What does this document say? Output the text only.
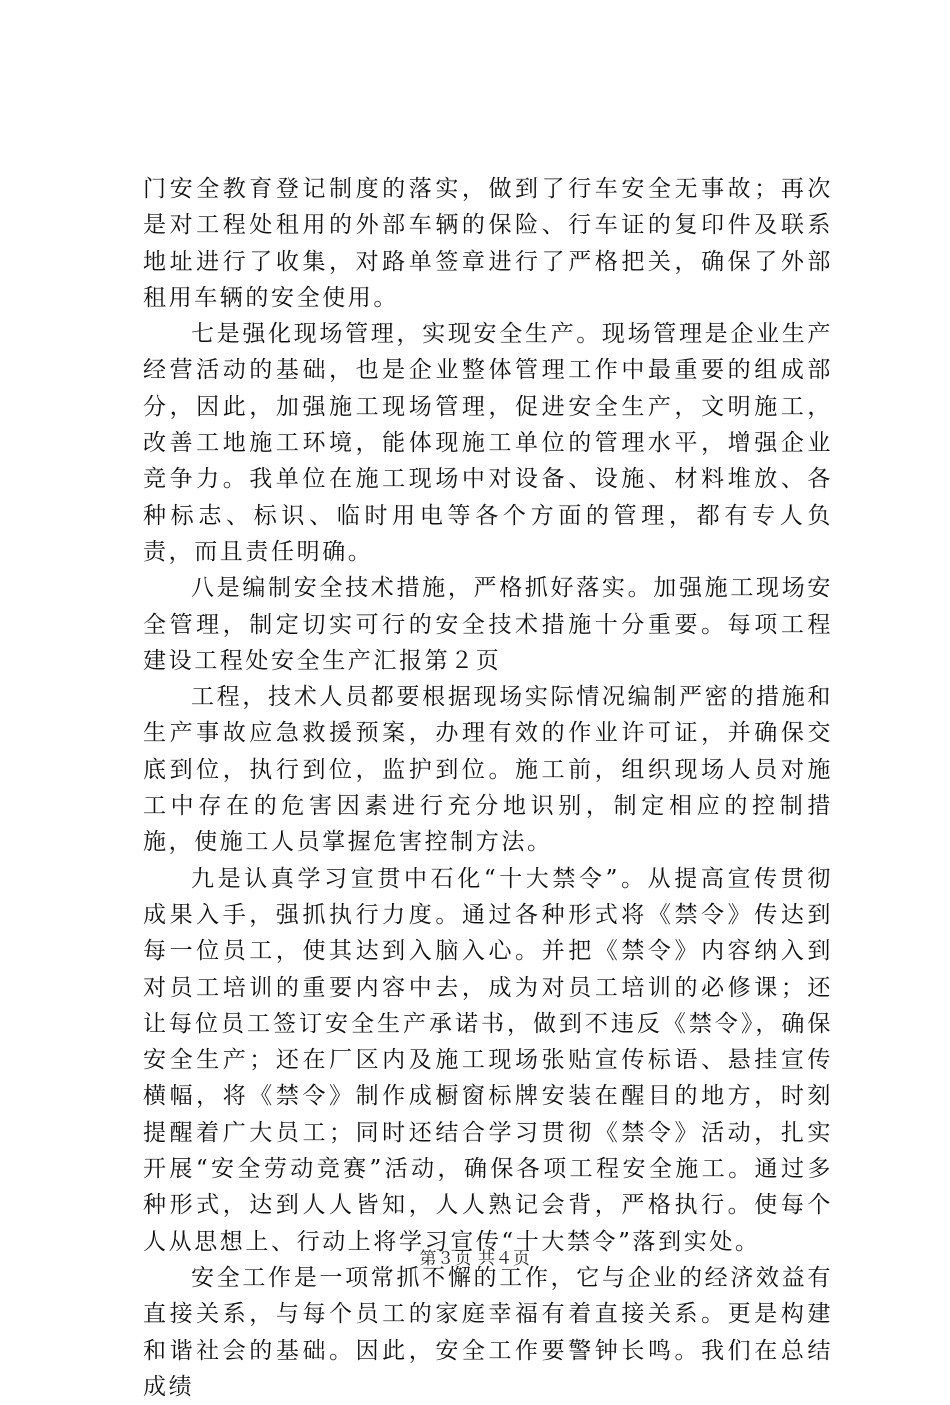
门安全教育登记制度的落实，做到了行车安全无事故；再次是对工程处租用的外部车辆的保险、行车证的复印件及联系地址进行了收集，对路单签章进行了严格把关，确保了外部租用车辆的安全使用。

七是强化现场管理，实现安全生产。现场管理是企业生产经营活动的基础，也是企业整体管理工作中最重要的组成部分，因此，加强施工现场管理，促进安全生产，文明施工，改善工地施工环境，能体现施工单位的管理水平，增强企业竞争力。我单位在施工现场中对设备、设施、材料堆放、各种标志、标识、临时用电等各个方面的管理，都有专人负责，而且责任明确。

八是编制安全技术措施，严格抓好落实。加强施工现场安全管理，制定切实可行的安全技术措施十分重要。每项工程建设工程处安全生产汇报第２页

工程，技术人员都要根据现场实际情况编制严密的措施和生产事故应急救援预案，办理有效的作业许可证，并确保交底到位，执行到位，监护到位。施工前，组织现场人员对施工中存在的危害因素进行充分地识别，制定相应的控制措施，使施工人员掌握危害控制方法。

九是认真学习宣贯中石化“十大禁令”。从提高宣传贯彻成果入手，强抓执行力度。通过各种形式将《禁令》传达到每一位员工，使其达到入脑入心。并把《禁令》内容纳入到对员工培训的重要内容中去，成为对员工培训的必修课；还让每位员工签订安全生产承诺书，做到不违反《禁令》，确保安全生产；还在厂区内及施工现场张贴宣传标语、悬挂宣传横幅，将《禁令》制作成橱窗标牌安装在醒目的地方，时刻提醒着广大员工；同时还结合学习贯彻《禁令》活动，扎实开展“安全劳动竞赛”活动，确保各项工程安全施工。通过多种形式，达到人人皆知，人人熟记会背，严格执行。使每个人从思想上、行动上将学习宣传“十大禁令”落到实处。

安全工作是一项常抓不懈的工作，它与企业的经济效益有直接关系，与每个员工的家庭幸福有着直接关系。更是构建和谐社会的基础。因此，安全工作要警钟长鸣。我们在总结成绩

第３页 共４页
